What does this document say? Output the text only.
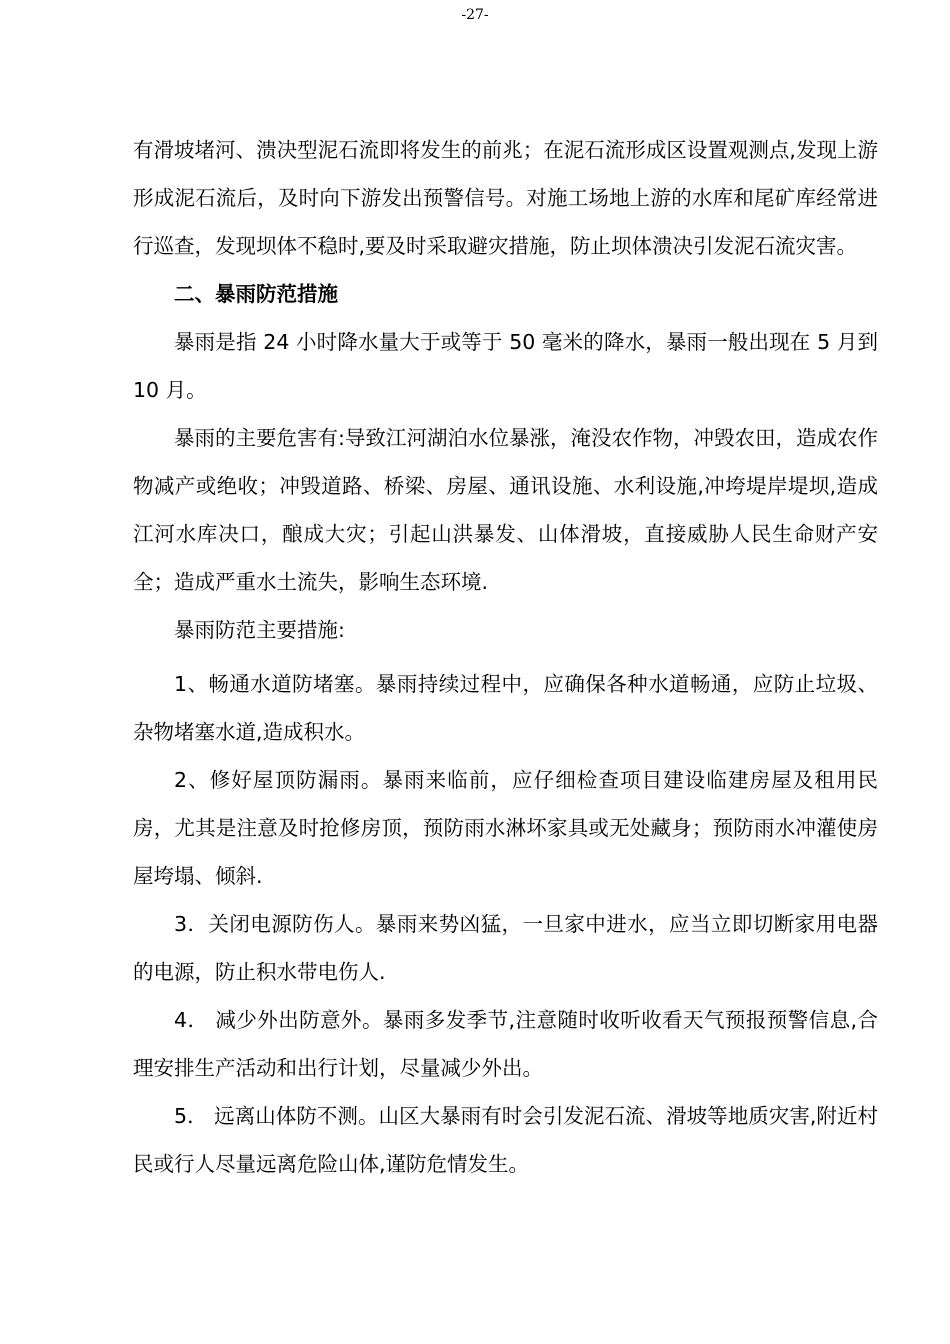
-27-

有滑坡堵河、溃决型泥石流即将发生的前兆；在泥石流形成区设置观测点,发现上游形成泥石流后，及时向下游发出预警信号。对施工场地上游的水库和尾矿库经常进行巡查，发现坝体不稳时,要及时采取避灾措施，防止坝体溃决引发泥石流灾害。

二、暴雨防范措施

暴雨是指 24 小时降水量大于或等于 50 毫米的降水，暴雨一般出现在 5 月到 10 月。

暴雨的主要危害有:导致江河湖泊水位暴涨，淹没农作物，冲毁农田，造成农作物减产或绝收；冲毁道路、桥梁、房屋、通讯设施、水利设施,冲垮堤岸堤坝,造成江河水库决口，酿成大灾；引起山洪暴发、山体滑坡，直接威胁人民生命财产安全；造成严重水土流失，影响生态环境.

暴雨防范主要措施:

1、畅通水道防堵塞。暴雨持续过程中，应确保各种水道畅通，应防止垃圾、杂物堵塞水道,造成积水。

2、修好屋顶防漏雨。暴雨来临前，应仔细检查项目建设临建房屋及租用民房，尤其是注意及时抢修房顶，预防雨水淋坏家具或无处藏身；预防雨水冲灌使房屋垮塌、倾斜.

3．关闭电源防伤人。暴雨来势凶猛，一旦家中进水，应当立即切断家用电器的电源，防止积水带电伤人.

4． 减少外出防意外。暴雨多发季节,注意随时收听收看天气预报预警信息,合理安排生产活动和出行计划，尽量减少外出。

5． 远离山体防不测。山区大暴雨有时会引发泥石流、滑坡等地质灾害,附近村民或行人尽量远离危险山体,谨防危情发生。
